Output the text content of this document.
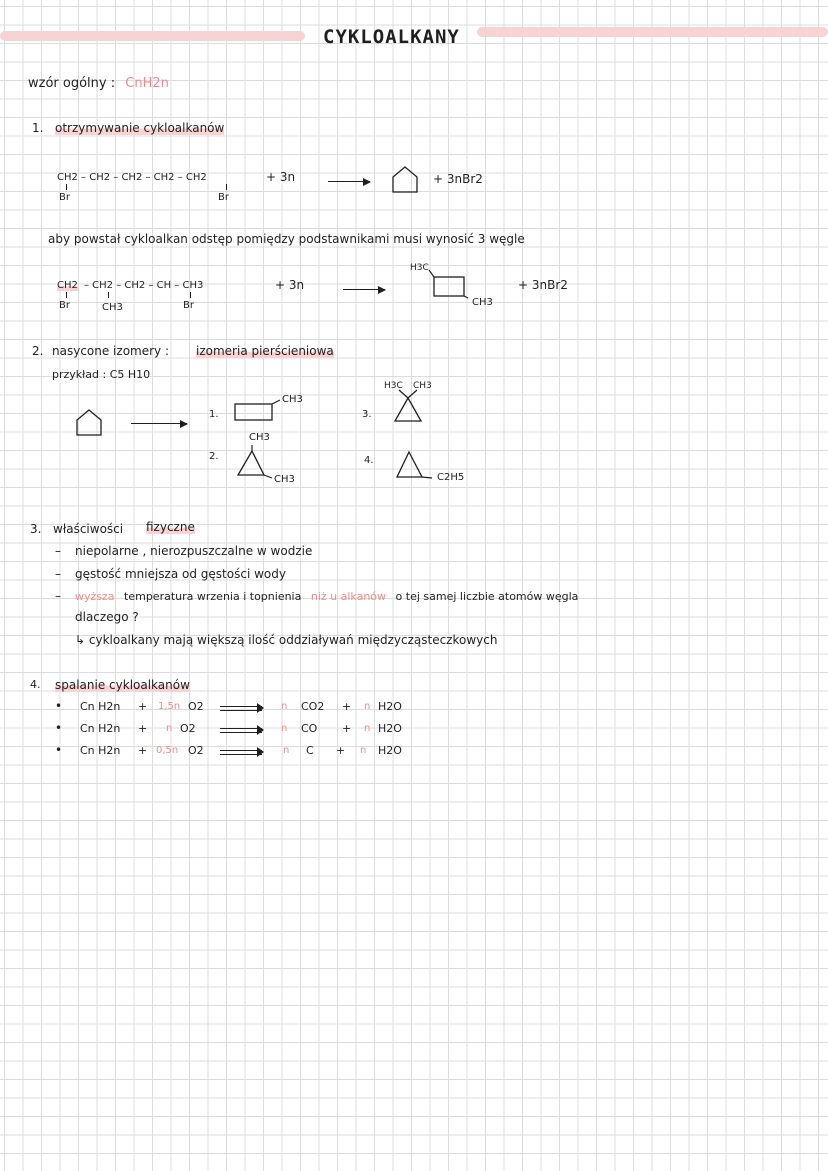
CYKLOALKANY
wzór ogólny : CnH2n
1. otrzymywanie cykloalkanów
CH2 – CH2 – CH2 – CH2 – CH2
Br	Br
+ 3n	+ 3nBr2
aby powstał cykloalkan odstęp pomiędzy podstawnikami musi wynosić 3 węgle
CH2 – CH2 – CH2 – CH – CH3
Br	CH3	Br
+ 3n
H3C
CH3
+ 3nBr2
2. nasycone izomery : izomeria pierścieniowa
przykład : C5 H10
1.
CH3
2.
CH3
CH3
3.
H3C CH3
4.
C2H5
3. właściwości fizyczne
– niepolarne , nierozpuszczalne w wodzie
– gęstość mniejsza od gęstości wody
– wyższa temperatura wrzenia i topnienia niż u alkanów o tej samej liczbie atomów węgla
dlaczego ?
↳ cykloalkany mają większą ilość oddziaływań międzycząsteczkowych
4. spalanie cykloalkanów
• Cn H2n + 1,5n O2	n CO2 + n H2O
• Cn H2n + n O2	n CO + n H2O
• Cn H2n + 0,5n O2	n C + n H2O
